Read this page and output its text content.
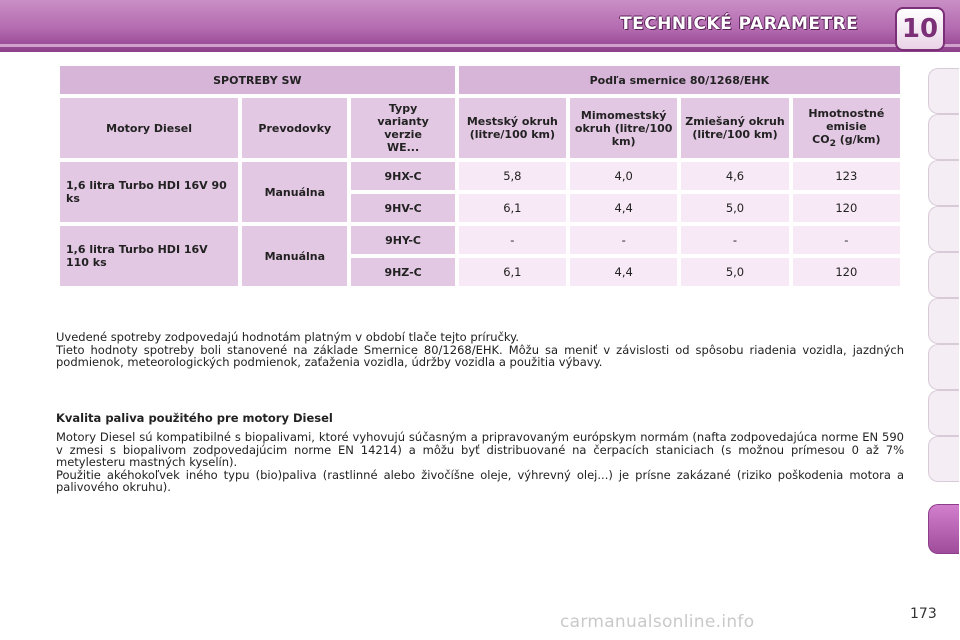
TECHNICKÉ PARAMETRE	10
SPOTREBY SW			Podľa smernice 80/1268/EHK			
Motory Diesel	Prevodovky	Typy varianty verzie WE...	Mestský okruh (litre/100 km)	Mimomestský okruh (litre/100 km)	Zmiešaný okruh (litre/100 km)	Hmotnostné emisie
$CO_2$ (g/km)

1,6 litra Turbo HDI 16V 90 ks	Manuálna	9HX-C	5,8	4,0	4,6	123
		9HV-C	6,1	4,4	5,0	120

1,6 litra Turbo HDI 16V 110 ks	Manuálna	9HY-C	-	-	-	-
		9HZ-C	6,1	4,4	5,0	120

Uvedené spotreby zodpovedajú hodnotám platným v období tlače tejto príručky.

Tieto hodnoty spotreby boli stanovené na základe Smernice 80/1268/EHK. Môžu sa meniť v závislosti od spôsobu riadenia vozidla, jazdných podmienok, meteorologických podmienok, zaťaženia vozidla, údržby vozidla a použitia výbavy.

Kvalita paliva použitého pre motory Diesel

Motory Diesel sú kompatibilné s biopalivami, ktoré vyhovujú súčasným a pripravovaným európskym normám (nafta zodpovedajúca norme EN 590 v zmesi s biopalivom zodpovedajúcim norme EN 14214) a môžu byť distribuované na čerpacích staniciach (s možnou prímesou 0 až 7% metylesteru mastných kyselín).

Použitie akéhokoľvek iného typu (bio)paliva (rastlinné alebo živočíšne oleje, výhrevný olej...) je prísne zakázané (riziko poškodenia motora a palivového okruhu).

carmanualsonline.info	173
